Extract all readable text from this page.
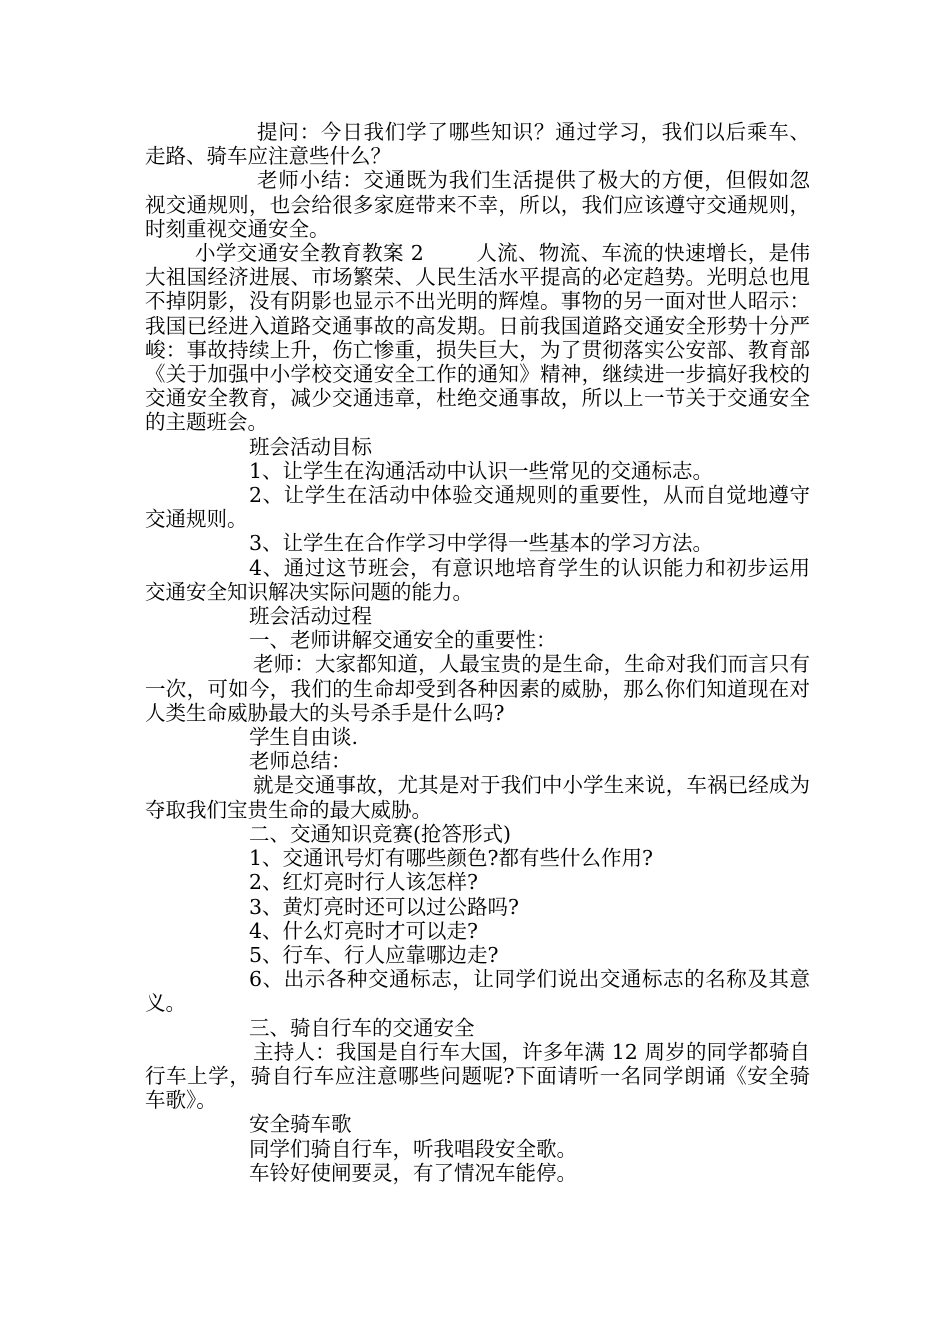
提问：今日我们学了哪些知识？通过学习，我们以后乘车、走路、骑车应注意些什么？

老师小结：交通既为我们生活提供了极大的方便，但假如忽视交通规则，也会给很多家庭带来不幸，所以，我们应该遵守交通规则，时刻重视交通安全。

小学交通安全教育教案 2	人流、物流、车流的快速增长，是伟大祖国经济进展、市场繁荣、人民生活水平提高的必定趋势。光明总也甩不掉阴影，没有阴影也显示不出光明的辉煌。事物的另一面对世人昭示：我国已经进入道路交通事故的高发期。日前我国道路交通安全形势十分严峻：事故持续上升，伤亡惨重，损失巨大，为了贯彻落实公安部、教育部《关于加强中小学校交通安全工作的通知》精神，继续进一步搞好我校的交通安全教育，减少交通违章，杜绝交通事故，所以上一节关于交通安全的主题班会。

班会活动目标

1、让学生在沟通活动中认识一些常见的交通标志。

2、让学生在活动中体验交通规则的重要性，从而自觉地遵守交通规则。

3、让学生在合作学习中学得一些基本的学习方法。

4、通过这节班会，有意识地培育学生的认识能力和初步运用交通安全知识解决实际问题的能力。

班会活动过程

一、老师讲解交通安全的重要性：

老师：大家都知道，人最宝贵的是生命，生命对我们而言只有一次，可如今，我们的生命却受到各种因素的威胁，那么你们知道现在对人类生命威胁最大的头号杀手是什么吗?

学生自由谈.

老师总结：

就是交通事故，尤其是对于我们中小学生来说，车祸已经成为夺取我们宝贵生命的最大威胁。

二、交通知识竞赛(抢答形式)

1、交通讯号灯有哪些颜色?都有些什么作用?

2、红灯亮时行人该怎样?

3、黄灯亮时还可以过公路吗?

4、什么灯亮时才可以走?

5、行车、行人应靠哪边走?

6、出示各种交通标志，让同学们说出交通标志的名称及其意义。

三、骑自行车的交通安全

主持人：我国是自行车大国，许多年满 12 周岁的同学都骑自行车上学，骑自行车应注意哪些问题呢?下面请听一名同学朗诵《安全骑车歌》。

安全骑车歌

同学们骑自行车，听我唱段安全歌。

车铃好使闸要灵，有了情况车能停。
